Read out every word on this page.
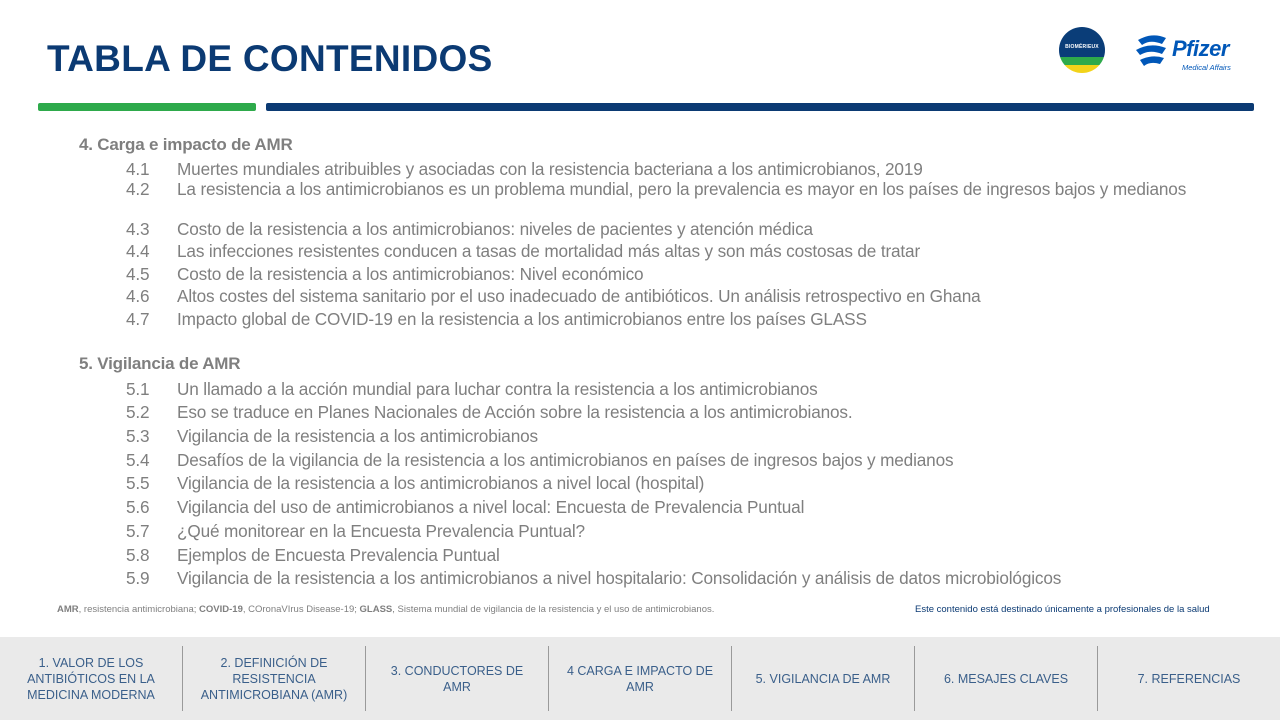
TABLA DE CONTENIDOS	BIOMÉRIEUX	Pfizer
Medical Affairs
4. Carga e impacto de AMR
4.1	Muertes mundiales atribuibles y asociadas con la resistencia bacteriana a los antimicrobianos, 2019
4.2	La resistencia a los antimicrobianos es un problema mundial, pero la prevalencia es mayor en los países de ingresos bajos y medianos
4.3	Costo de la resistencia a los antimicrobianos: niveles de pacientes y atención médica
4.4	Las infecciones resistentes conducen a tasas de mortalidad más altas y son más costosas de tratar
4.5	Costo de la resistencia a los antimicrobianos: Nivel económico
4.6	Altos costes del sistema sanitario por el uso inadecuado de antibióticos. Un análisis retrospectivo en Ghana
4.7	Impacto global de COVID-19 en la resistencia a los antimicrobianos entre los países GLASS
5. Vigilancia de AMR
5.1	Un llamado a la acción mundial para luchar contra la resistencia a los antimicrobianos
5.2	Eso se traduce en Planes Nacionales de Acción sobre la resistencia a los antimicrobianos.
5.3	Vigilancia de la resistencia a los antimicrobianos
5.4	Desafíos de la vigilancia de la resistencia a los antimicrobianos en países de ingresos bajos y medianos
5.5	Vigilancia de la resistencia a los antimicrobianos a nivel local (hospital)
5.6	Vigilancia del uso de antimicrobianos a nivel local: Encuesta de Prevalencia Puntual
5.7	¿Qué monitorear en la Encuesta Prevalencia Puntual?
5.8	Ejemplos de Encuesta Prevalencia Puntual
5.9	Vigilancia de la resistencia a los antimicrobianos a nivel hospitalario: Consolidación y análisis de datos microbiológicos
AMR, resistencia antimicrobiana; COVID-19, COronaVIrus Disease-19; GLASS, Sistema mundial de vigilancia de la resistencia y el uso de antimicrobianos.	Este contenido está destinado únicamente a profesionales de la salud
1. VALOR DE LOS ANTIBIÓTICOS EN LA MEDICINA MODERNA
2. DEFINICIÓN DE RESISTENCIA ANTIMICROBIANA (AMR)
3. CONDUCTORES DE AMR
4 CARGA E IMPACTO DE AMR
5. VIGILANCIA DE AMR	6. MESAJES CLAVES	7. REFERENCIAS
